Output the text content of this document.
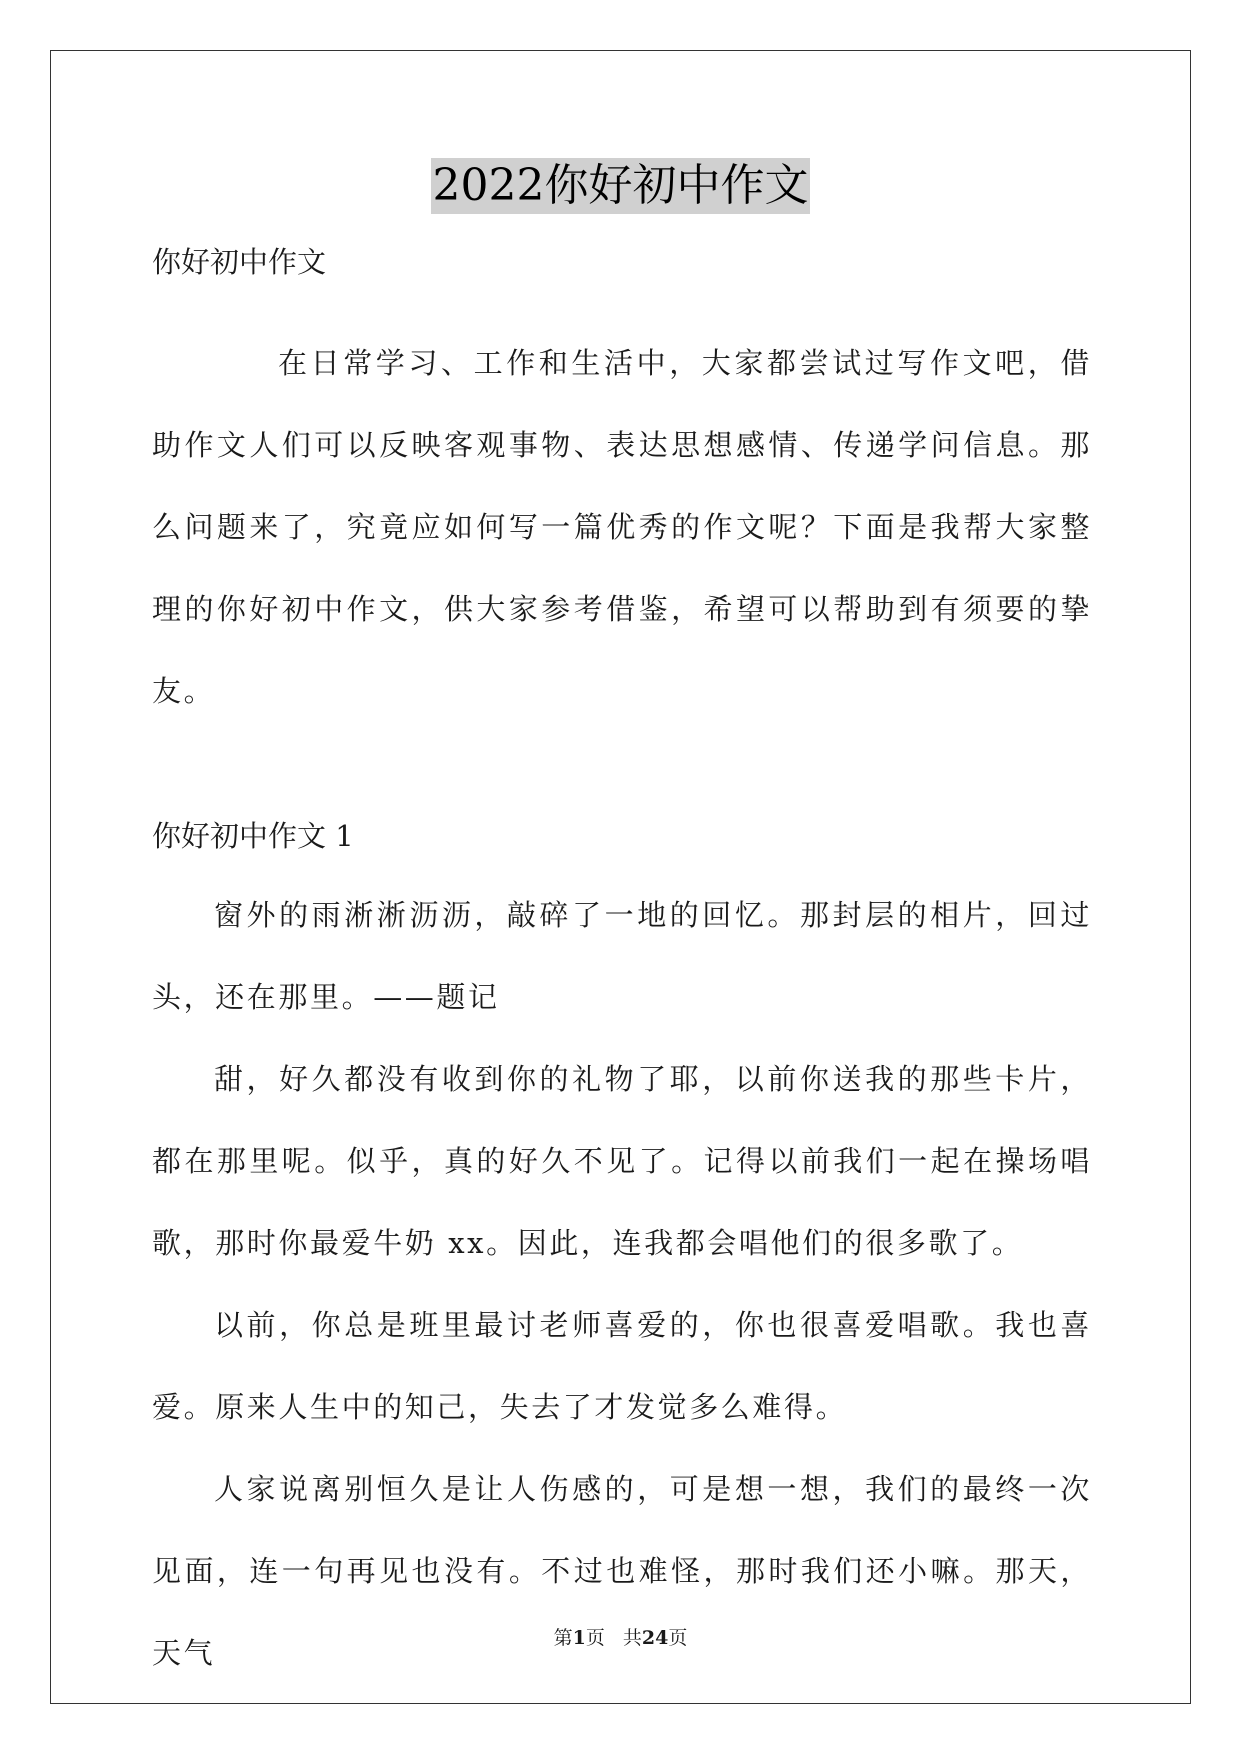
2022你好初中作文
你好初中作文

在日常学习、工作和生活中，大家都尝试过写作文吧，借助作文人们可以反映客观事物、表达思想感情、传递学问信息。那么问题来了，究竟应如何写一篇优秀的作文呢？下面是我帮大家整理的你好初中作文，供大家参考借鉴，希望可以帮助到有须要的挚友。

你好初中作文 1

窗外的雨淅淅沥沥，敲碎了一地的回忆。那封层的相片，回过头，还在那里。——题记

甜，好久都没有收到你的礼物了耶，以前你送我的那些卡片，都在那里呢。似乎，真的好久不见了。记得以前我们一起在操场唱歌，那时你最爱牛奶 xx。因此，连我都会唱他们的很多歌了。

以前，你总是班里最讨老师喜爱的，你也很喜爱唱歌。我也喜爱。原来人生中的知己，失去了才发觉多么难得。

人家说离别恒久是让人伤感的，可是想一想，我们的最终一次见面，连一句再见也没有。不过也难怪，那时我们还小嘛。那天，天气	第1页 共24页
